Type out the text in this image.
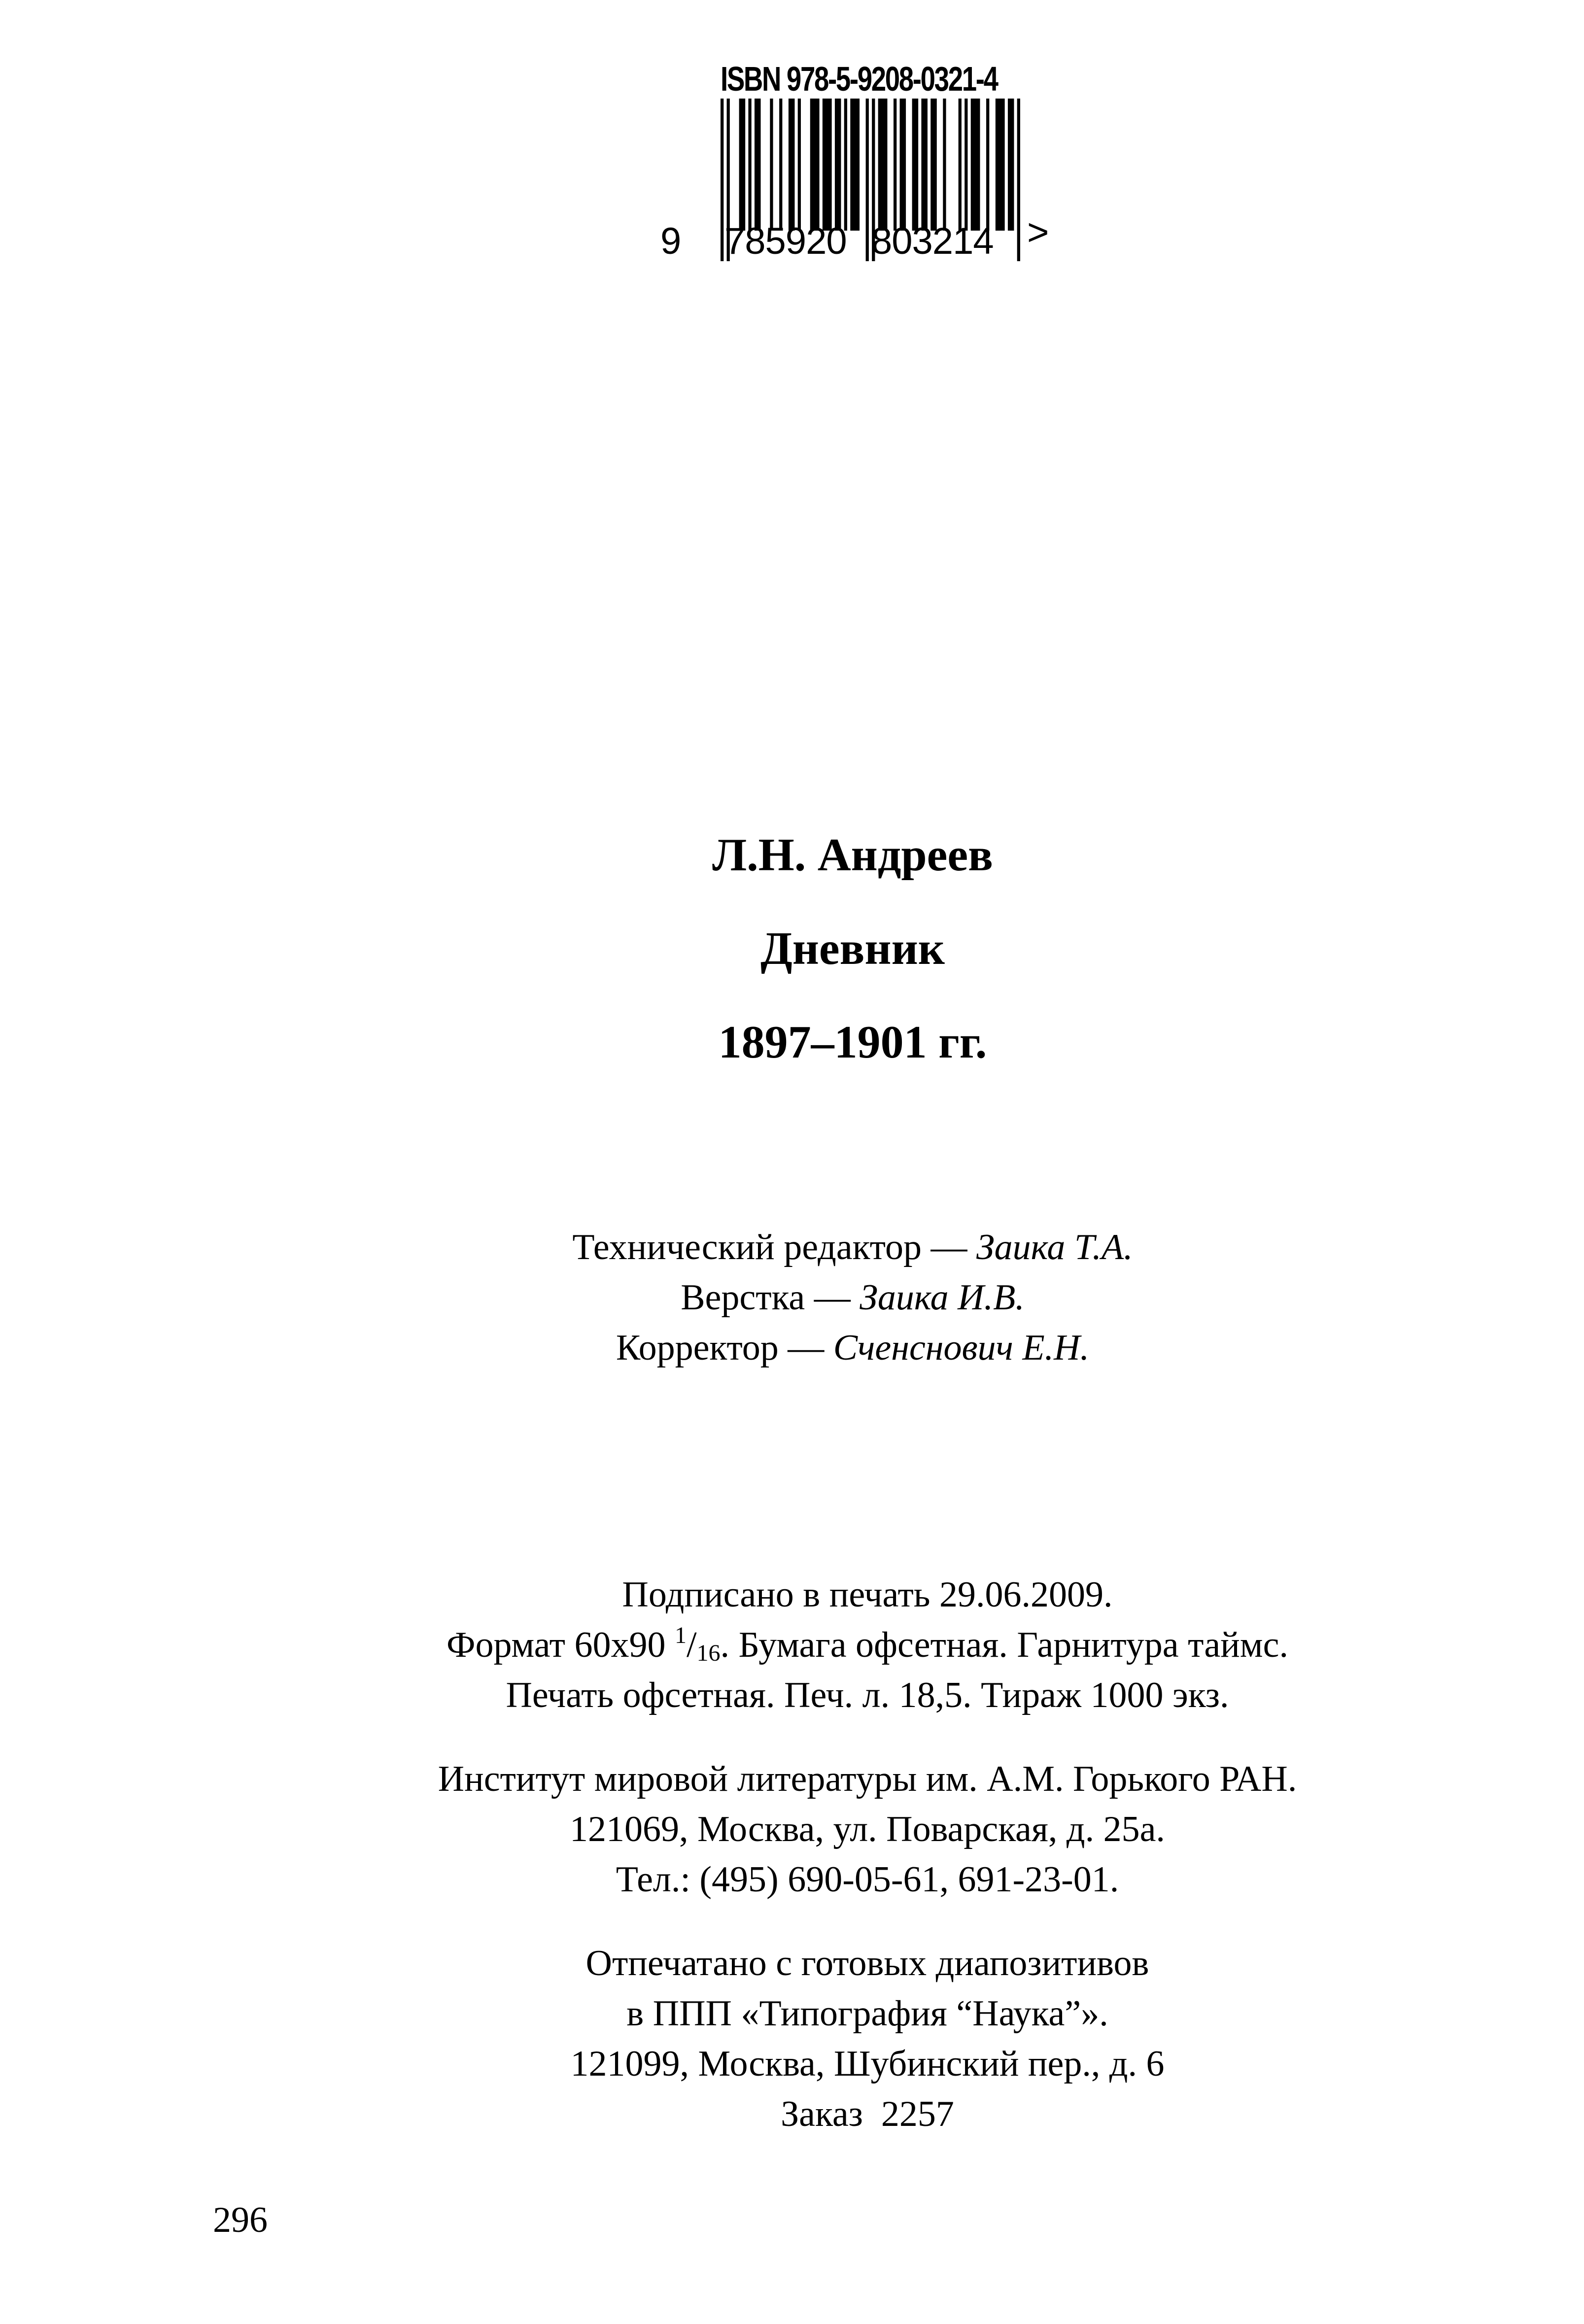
ISBN 978-5-9208-0321-4
9 785920 803214 >
Л.Н. Андреев
Дневник
1897–1901 гг.
Технический редактор — Заика Т.А.
Верстка — Заика И.В.
Корректор — Сченснович Е.Н.
Подписано в печать 29.06.2009.
Формат 60x90 $^1/_{16}$. Бумага офсетная. Гарнитура таймс.
Печать офсетная. Печ. л. 18,5. Тираж 1000 экз.
Институт мировой литературы им. А.М. Горького РАН.
121069, Москва, ул. Поварская, д. 25а.
Тел.: (495) 690-05-61, 691-23-01.
Отпечатано с готовых диапозитивов
в ППП «Типография “Наука”».
121099, Москва, Шубинский пер., д. 6
Заказ  2257
296
